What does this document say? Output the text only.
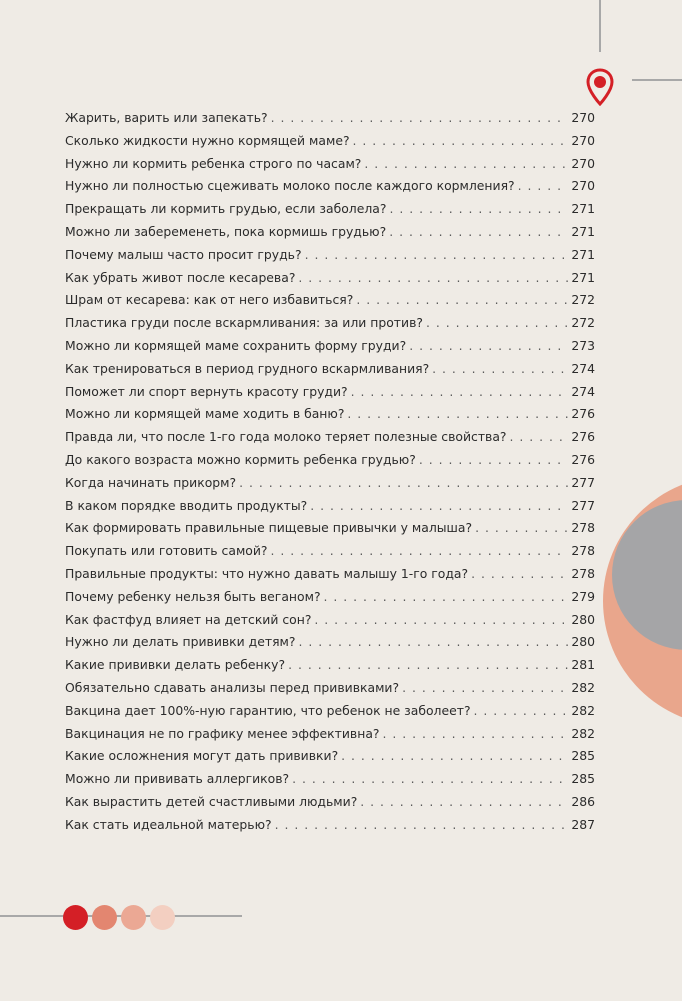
Жарить, варить или запекать? . . .	270
Сколько жидкости нужно кормящей маме? . . .	270
Нужно ли кормить ребенка строго по часам? . . .	270
Нужно ли полностью сцеживать молоко после каждого кормления? . . .	270
Прекращать ли кормить грудью, если заболела? . . .	271
Можно ли забеременеть, пока кормишь грудью? . . .	271
Почему малыш часто просит грудь? . . .	271
Как убрать живот после кесарева? . . .	271
Шрам от кесарева: как от него избавиться? . . .	272
Пластика груди после вскармливания: за или против? . . .	272
Можно ли кормящей маме сохранить форму груди? . . .	273
Как тренироваться в период грудного вскармливания? . . .	274
Поможет ли спорт вернуть красоту груди? . . .	274
Можно ли кормящей маме ходить в баню? . . .	276
Правда ли, что после 1-го года молоко теряет полезные свойства? . . .	276
До какого возраста можно кормить ребенка грудью? . . .	276
Когда начинать прикорм? . . .	277
В каком порядке вводить продукты? . . .	277
Как формировать правильные пищевые привычки у малыша? . . .	278
Покупать или готовить самой? . . .	278
Правильные продукты: что нужно давать малышу 1-го года? . . .	278
Почему ребенку нельзя быть веганом? . . .	279
Как фастфуд влияет на детский сон? . . .	280
Нужно ли делать прививки детям? . . .	280
Какие прививки делать ребенку? . . .	281
Обязательно сдавать анализы перед прививками? . . .	282
Вакцина дает 100%-ную гарантию, что ребенок не заболеет? . . .	282
Вакцинация не по графику менее эффективна? . . .	282
Какие осложнения могут дать прививки? . . .	285
Можно ли прививать аллергиков? . . .	285
Как вырастить детей счастливыми людьми? . . .	286
Как стать идеальной матерью? . . .	287
